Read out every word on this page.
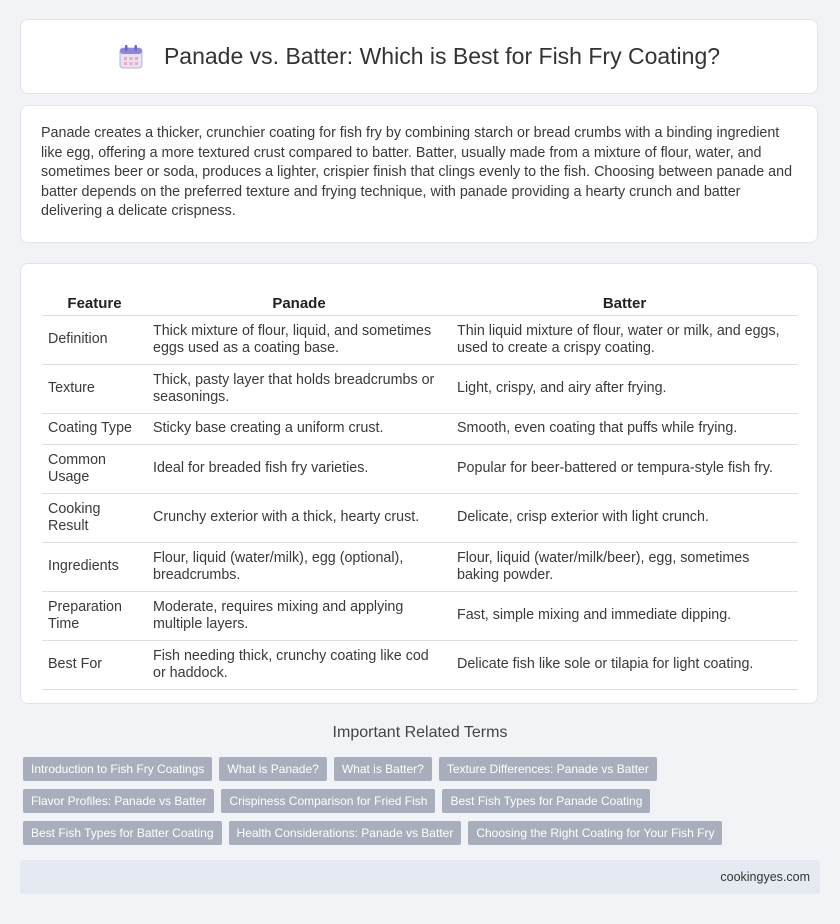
Panade vs. Batter: Which is Best for Fish Fry Coating?

Panade creates a thicker, crunchier coating for fish fry by combining starch or bread crumbs with a binding ingredient like egg, offering a more textured crust compared to batter. Batter, usually made from a mixture of flour, water, and sometimes beer or soda, produces a lighter, crispier finish that clings evenly to the fish. Choosing between panade and batter depends on the preferred texture and frying technique, with panade providing a hearty crunch and batter delivering a delicate crispness.

Feature	Panade	Batter
Definition	Thick mixture of flour, liquid, and sometimes eggs used as a coating base.	Thin liquid mixture of flour, water or milk, and eggs, used to create a crispy coating.
Texture	Thick, pasty layer that holds breadcrumbs or seasonings.	Light, crispy, and airy after frying.
Coating Type	Sticky base creating a uniform crust.	Smooth, even coating that puffs while frying.
Common Usage	Ideal for breaded fish fry varieties.	Popular for beer-battered or tempura-style fish fry.
Cooking Result	Crunchy exterior with a thick, hearty crust.	Delicate, crisp exterior with light crunch.
Ingredients	Flour, liquid (water/milk), egg (optional), breadcrumbs.	Flour, liquid (water/milk/beer), egg, sometimes baking powder.
Preparation Time	Moderate, requires mixing and applying multiple layers.	Fast, simple mixing and immediate dipping.
Best For	Fish needing thick, crunchy coating like cod or haddock.	Delicate fish like sole or tilapia for light coating.
Important Related Terms
Introduction to Fish Fry Coatings	What is Panade?	What is Batter?	Texture Differences: Panade vs Batter
Flavor Profiles: Panade vs Batter	Crispiness Comparison for Fried Fish	Best Fish Types for Panade Coating
Best Fish Types for Batter Coating	Health Considerations: Panade vs Batter	Choosing the Right Coating for Your Fish Fry
cookingyes.com
